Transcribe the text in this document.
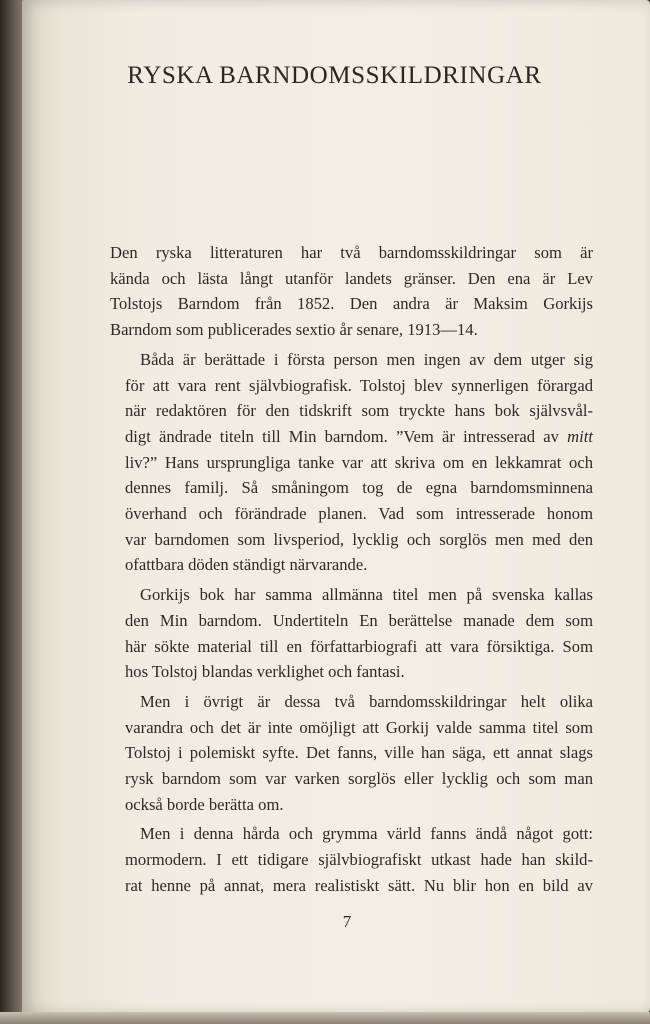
RYSKA BARNDOMSSKILDRINGAR

Den ryska litteraturen har två barndomsskildringar som är
kända och lästa långt utanför landets gränser. Den ena är Lev
Tolstojs Barndom från 1852. Den andra är Maksim Gorkijs
Barndom som publicerades sextio år senare, 1913—14.

Båda är berättade i första person men ingen av dem utger sig
för att vara rent självbiografisk. Tolstoj blev synnerligen förargad
när redaktören för den tidskrift som tryckte hans bok självsvål-
digt ändrade titeln till Min barndom. ”Vem är intresserad av mitt
liv?” Hans ursprungliga tanke var att skriva om en lekkamrat och
dennes familj. Så småningom tog de egna barndomsminnena
överhand och förändrade planen. Vad som intresserade honom
var barndomen som livsperiod, lycklig och sorglös men med den
ofattbara döden ständigt närvarande.

Gorkijs bok har samma allmänna titel men på svenska kallas
den Min barndom. Undertiteln En berättelse manade dem som
här sökte material till en författarbiografi att vara försiktiga. Som
hos Tolstoj blandas verklighet och fantasi.

Men i övrigt är dessa två barndomsskildringar helt olika
varandra och det är inte omöjligt att Gorkij valde samma titel som
Tolstoj i polemiskt syfte. Det fanns, ville han säga, ett annat slags
rysk barndom som var varken sorglös eller lycklig och som man
också borde berätta om.

Men i denna hårda och grymma värld fanns ändå något gott:
mormodern. I ett tidigare självbiografiskt utkast hade han skild-
rat henne på annat, mera realistiskt sätt. Nu blir hon en bild av

7
